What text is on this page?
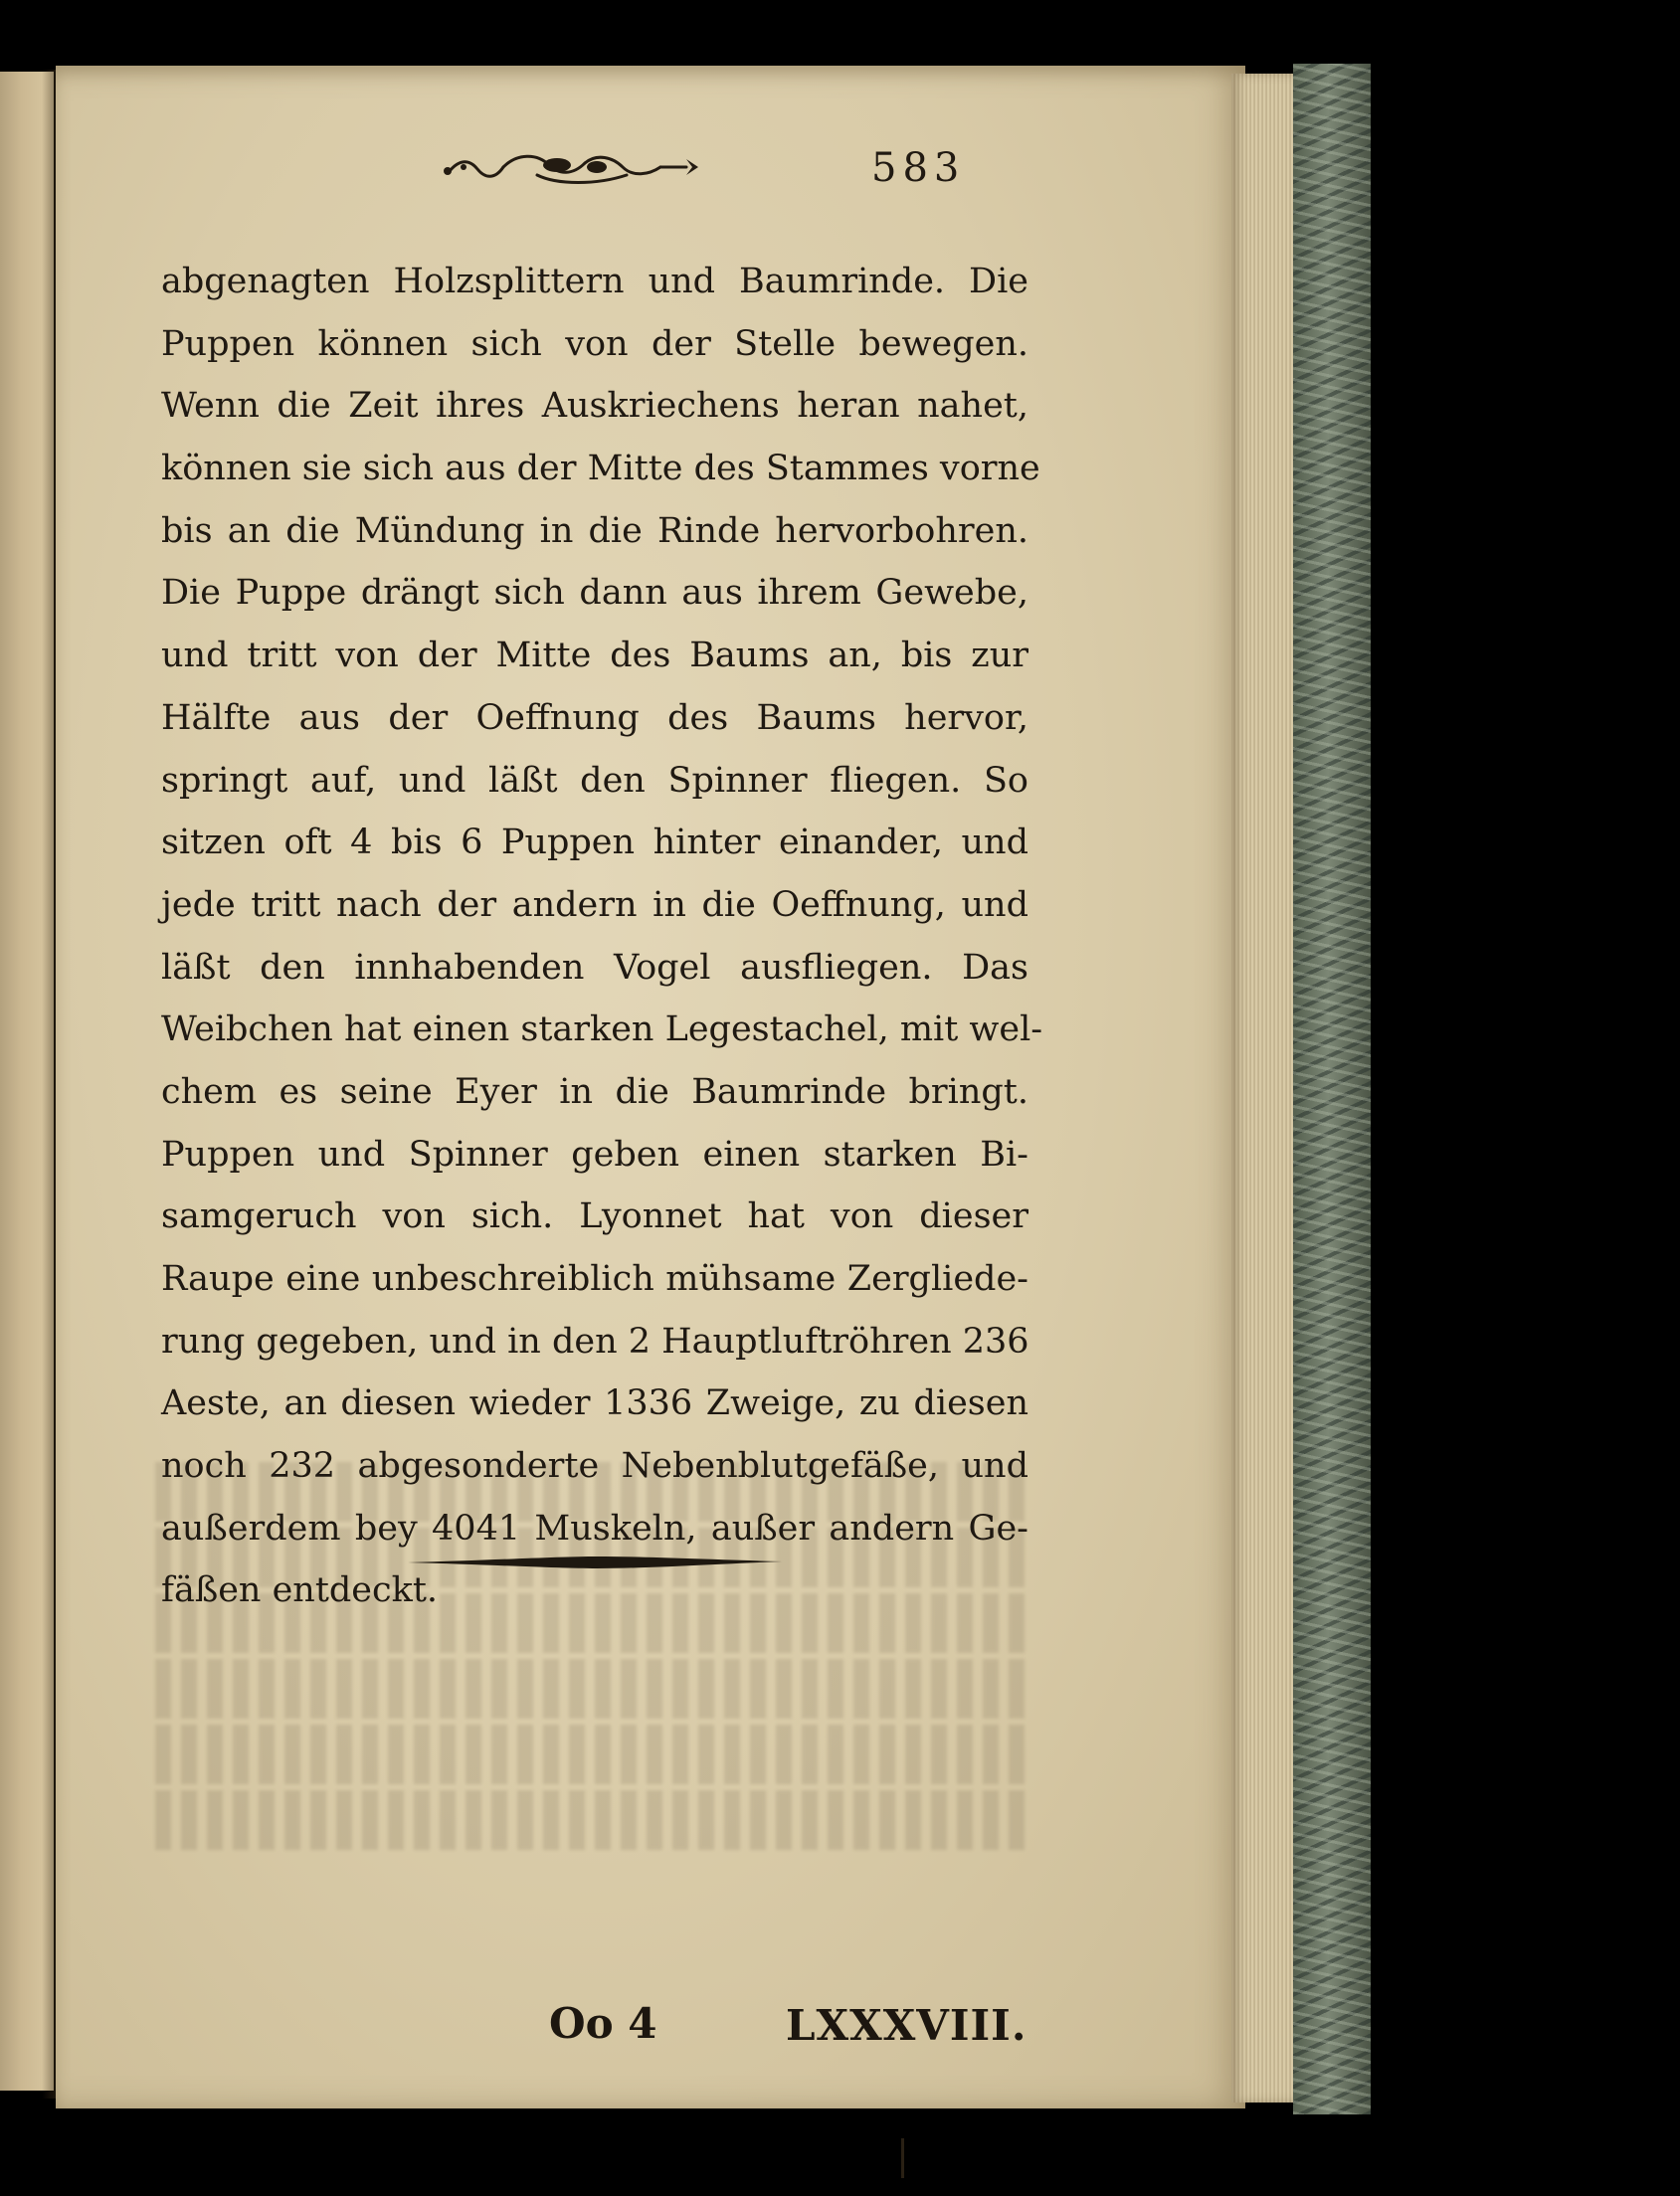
583
abgenagten Holzsplittern und Baumrinde. Die
Puppen können sich von der Stelle bewegen.
Wenn die Zeit ihres Auskriechens heran nahet,
können sie sich aus der Mitte des Stammes vorne
bis an die Mündung in die Rinde hervorbohren.
Die Puppe drängt sich dann aus ihrem Gewebe,
und tritt von der Mitte des Baums an, bis zur
Hälfte aus der Oeffnung des Baums hervor,
springt auf, und läßt den Spinner fliegen. So
sitzen oft 4 bis 6 Puppen hinter einander, und
jede tritt nach der andern in die Oeffnung, und
läßt den innhabenden Vogel ausfliegen. Das
Weibchen hat einen starken Legestachel, mit wel-
chem es seine Eyer in die Baumrinde bringt.
Puppen und Spinner geben einen starken Bi-
samgeruch von sich. Lyonnet hat von dieser
Raupe eine unbeschreiblich mühsame Zergliede-
rung gegeben, und in den 2 Hauptluftröhren 236
Aeste, an diesen wieder 1336 Zweige, zu diesen
noch 232 abgesonderte Nebenblutgefäße, und
außerdem bey 4041 Muskeln, außer andern Ge-
fäßen entdeckt.
Oo 4	LXXXVIII.
